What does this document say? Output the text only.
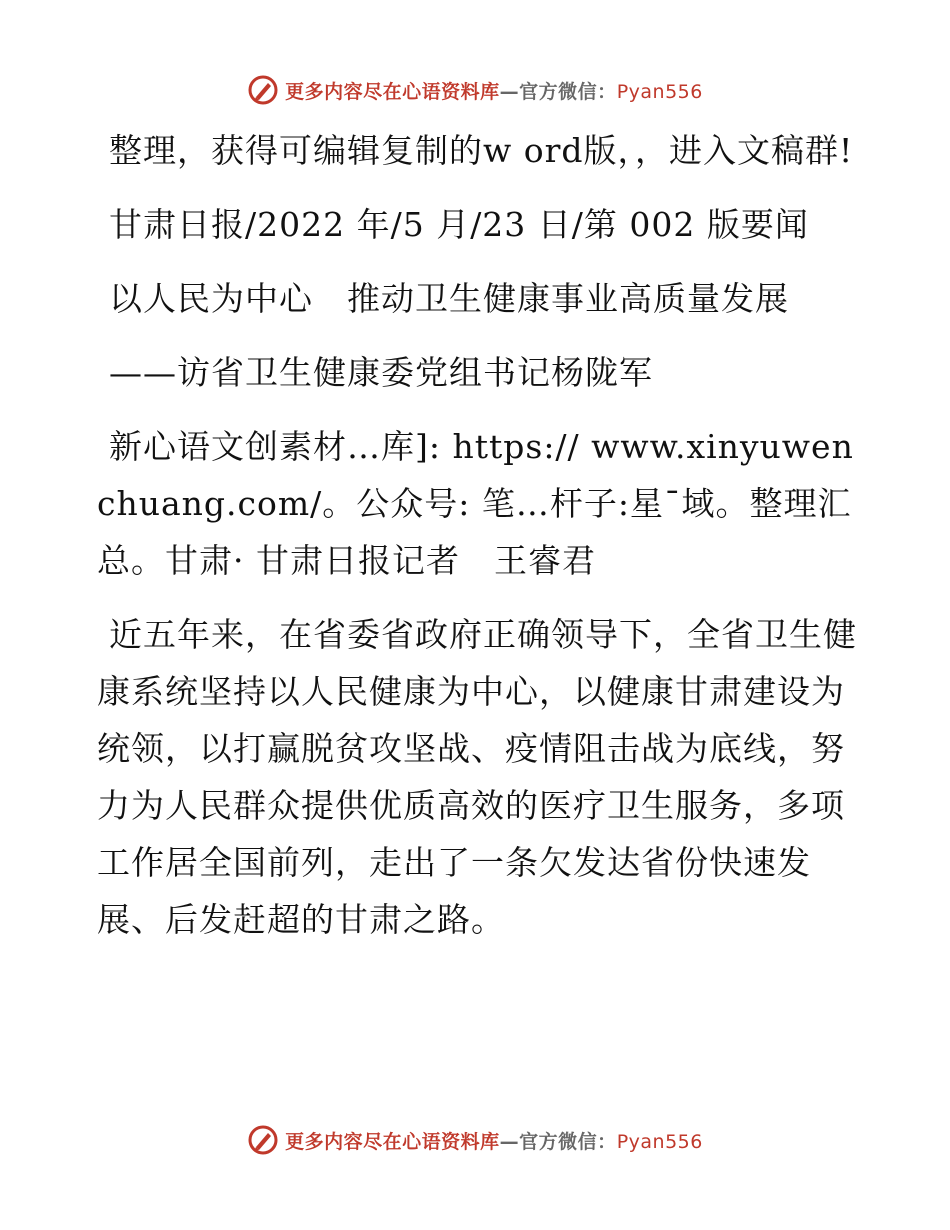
更多内容尽在心语资料库—官方微信：Pyan556

整理，获得可编辑复制的w ord版，，进入文稿群!

甘肃日报/2022 年/5 月/23 日/第 002 版要闻

以人民为中心　推动卫生健康事业高质量发展

——访省卫生健康委党组书记杨陇军

新心语文创素材…库]: https:// www.xinyuwenchuang.com/。公众号: 笔…杆子:星¯域。整理汇总。甘肃· 甘肃日报记者　王睿君

近五年来，在省委省政府正确领导下，全省卫生健康系统坚持以人民健康为中心，以健康甘肃建设为统领，以打赢脱贫攻坚战、疫情阻击战为底线，努力为人民群众提供优质高效的医疗卫生服务，多项工作居全国前列，走出了一条欠发达省份快速发展、后发赶超的甘肃之路。

更多内容尽在心语资料库—官方微信：Pyan556
